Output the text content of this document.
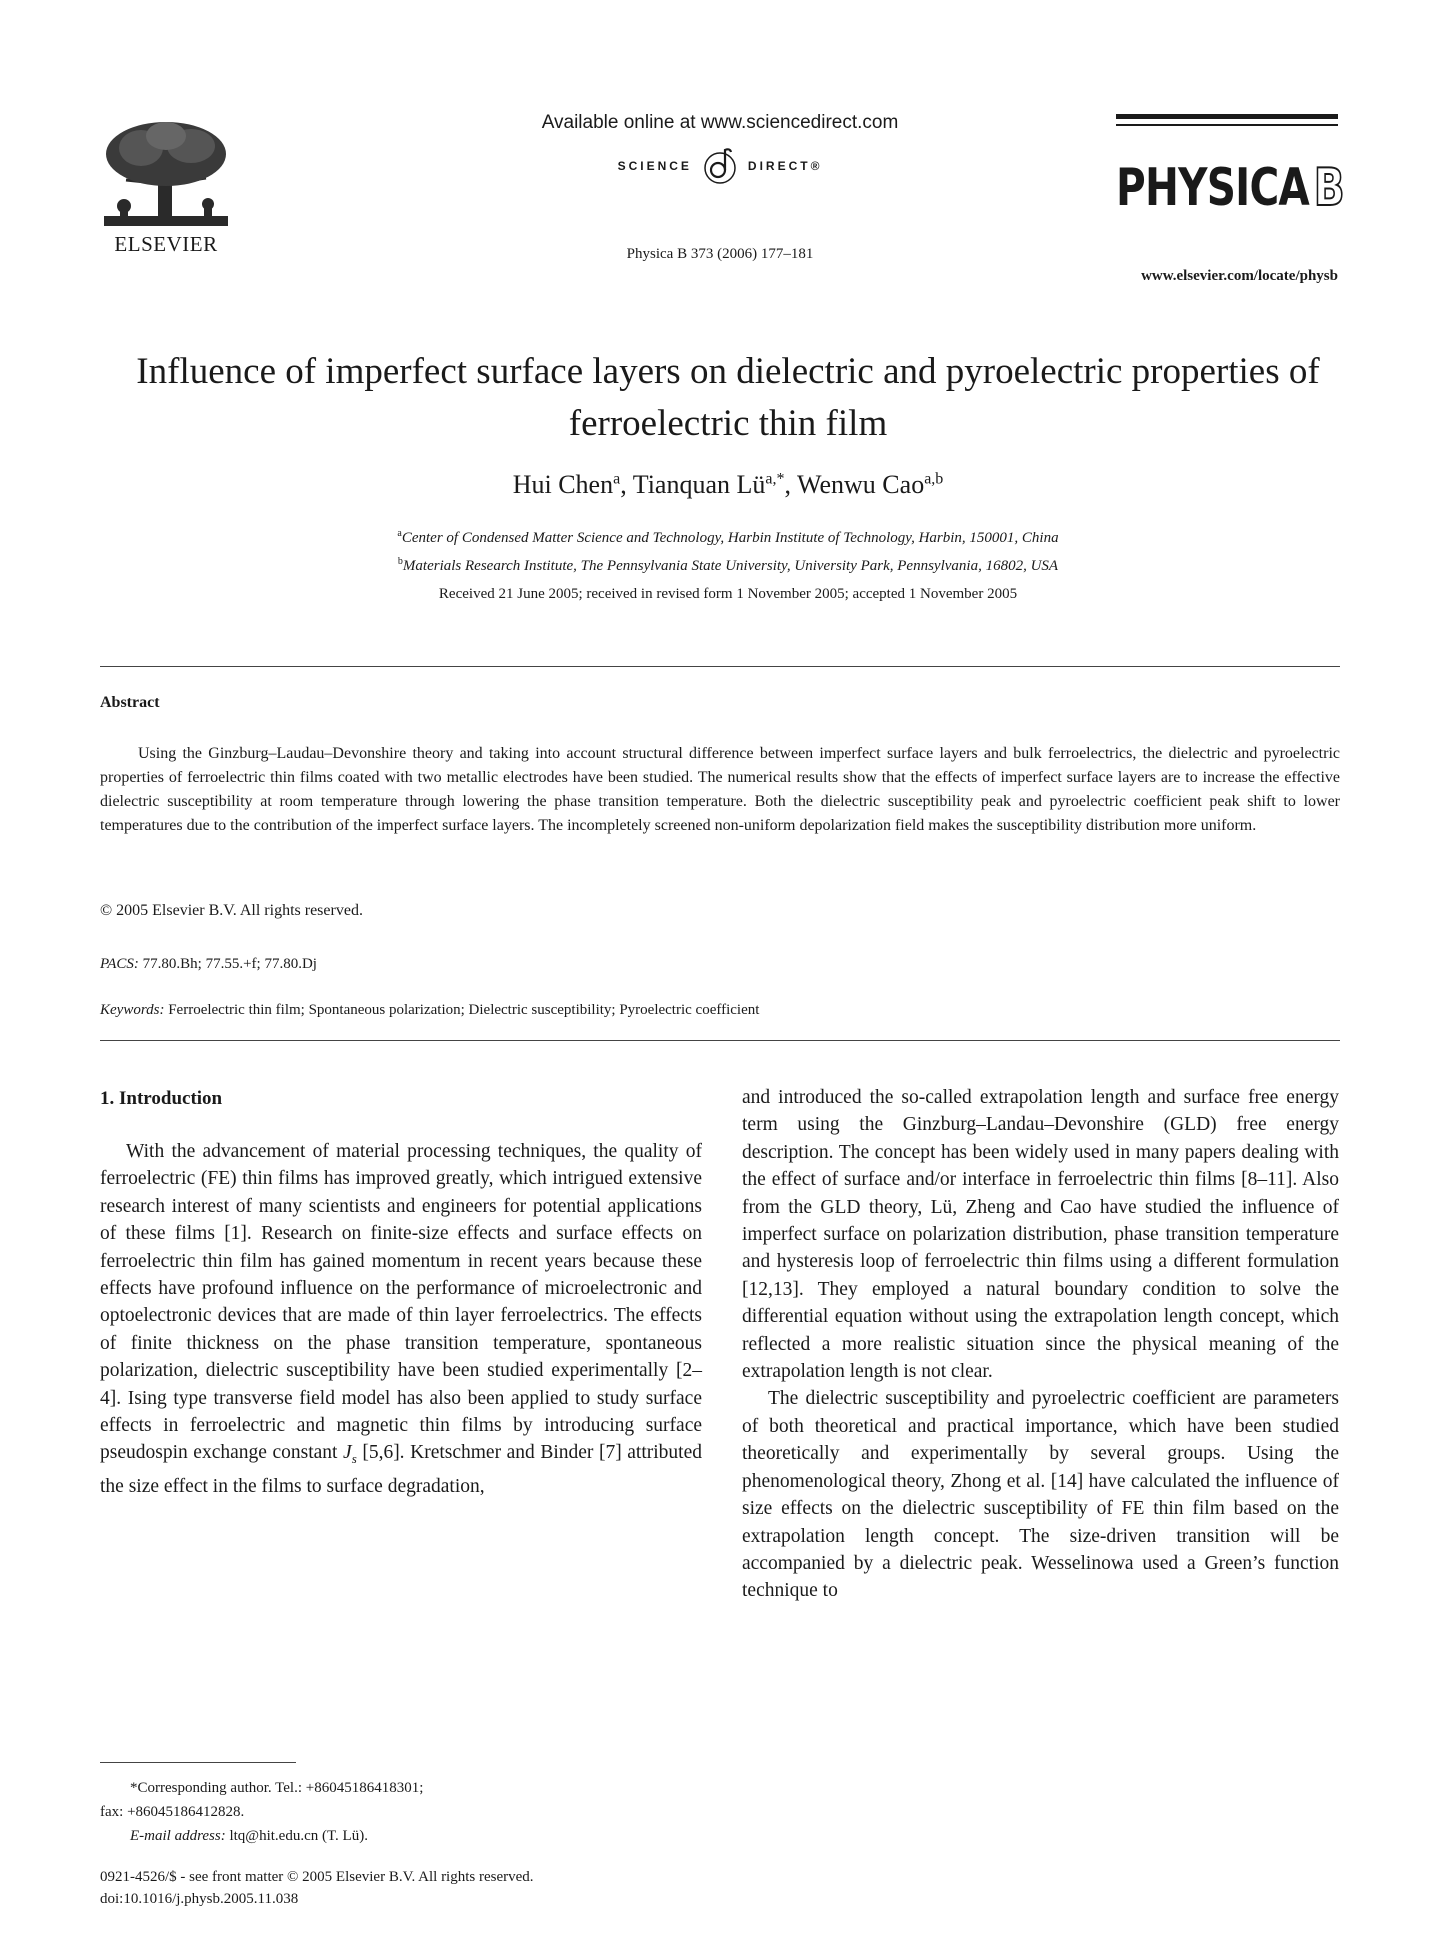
ELSEVIER
Available online at www.sciencedirect.com
SCIENCE	DIRECT®
Physica B 373 (2006) 177–181
PHYSICAB
www.elsevier.com/locate/physb
Influence of imperfect surface layers on dielectric and pyroelectric properties of ferroelectric thin film
Hui Chen$^a$, Tianquan $Lü^{a,*}$, Wenwu Cao$^{a,b}$
$^a$Center of Condensed Matter Science and Technology, Harbin Institute of Technology, Harbin, 150001, China
$^b$Materials Research Institute, The Pennsylvania State University, University Park, Pennsylvania, 16802, USA
Received 21 June 2005; received in revised form 1 November 2005; accepted 1 November 2005
Abstract
Using the Ginzburg–Laudau–Devonshire theory and taking into account structural difference between imperfect surface layers and bulk ferroelectrics, the dielectric and pyroelectric properties of ferroelectric thin films coated with two metallic electrodes have been studied. The numerical results show that the effects of imperfect surface layers are to increase the effective dielectric susceptibility at room temperature through lowering the phase transition temperature. Both the dielectric susceptibility peak and pyroelectric coefficient peak shift to lower temperatures due to the contribution of the imperfect surface layers. The incompletely screened non-uniform depolarization field makes the susceptibility distribution more uniform.
© 2005 Elsevier B.V. All rights reserved.
PACS: 77.80.Bh; 77.55.+f; 77.80.Dj
Keywords: Ferroelectric thin film; Spontaneous polarization; Dielectric susceptibility; Pyroelectric coefficient
1. Introduction

With the advancement of material processing techniques, the quality of ferroelectric (FE) thin films has improved greatly, which intrigued extensive research interest of many scientists and engineers for potential applications of these films [1]. Research on finite-size effects and surface effects on ferroelectric thin film has gained momentum in recent years because these effects have profound influence on the performance of microelectronic and optoelectronic devices that are made of thin layer ferroelectrics. The effects of finite thickness on the phase transition temperature, spontaneous polarization, dielectric susceptibility have been studied experimentally [2–4]. Ising type transverse field model has also been applied to study surface effects in ferroelectric and magnetic thin films by introducing surface pseudospin exchange constant $J_s$ [5,6]. Kretschmer and Binder [7] attributed the size effect in the films to surface degradation,

and introduced the so-called extrapolation length and surface free energy term using the Ginzburg–Landau–Devonshire (GLD) free energy description. The concept has been widely used in many papers dealing with the effect of surface and/or interface in ferroelectric thin films [8–11]. Also from the GLD theory, Lü, Zheng and Cao have studied the influence of imperfect surface on polarization distribution, phase transition temperature and hysteresis loop of ferroelectric thin films using a different formulation [12,13]. They employed a natural boundary condition to solve the differential equation without using the extrapolation length concept, which reflected a more realistic situation since the physical meaning of the extrapolation length is not clear.

The dielectric susceptibility and pyroelectric coefficient are parameters of both theoretical and practical importance, which have been studied theoretically and experimentally by several groups. Using the phenomenological theory, Zhong et al. [14] have calculated the influence of size effects on the dielectric susceptibility of FE thin film based on the extrapolation length concept. The size-driven transition will be accompanied by a dielectric peak. Wesselinowa used a Green’s function technique to

*Corresponding author. Tel.: +86045186418301;
fax: +86045186412828.
E-mail address: ltq@hit.edu.cn (T. Lü).
0921-4526/$ - see front matter © 2005 Elsevier B.V. All rights reserved.
doi:10.1016/j.physb.2005.11.038
